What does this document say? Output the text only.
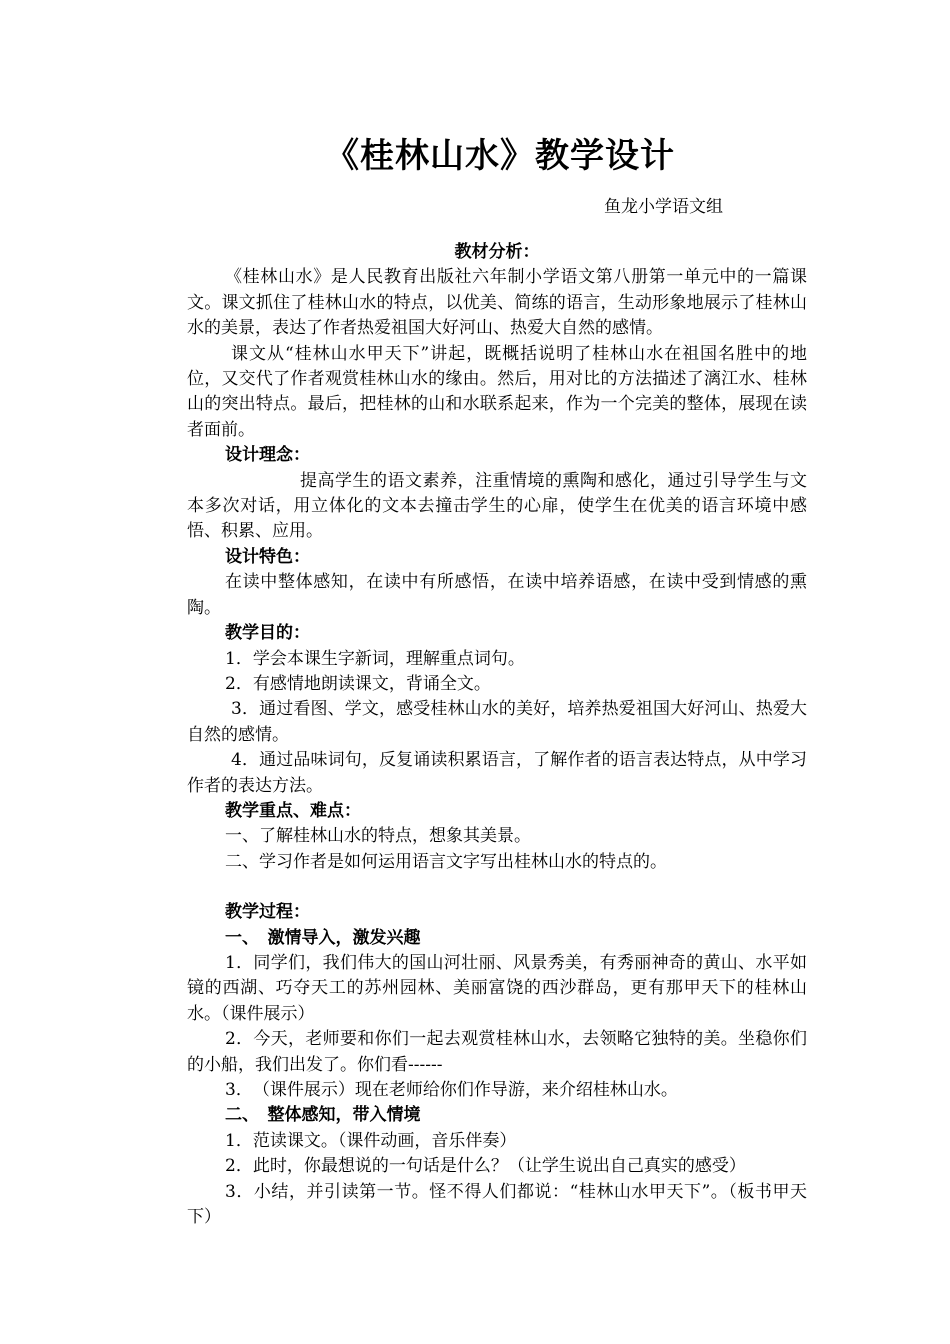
《桂林山水》教学设计

鱼龙小学语文组

教材分析：

《桂林山水》是人民教育出版社六年制小学语文第八册第一单元中的一篇课文。课文抓住了桂林山水的特点，以优美、简练的语言，生动形象地展示了桂林山水的美景，表达了作者热爱祖国大好河山、热爱大自然的感情。

课文从“桂林山水甲天下”讲起，既概括说明了桂林山水在祖国名胜中的地位，又交代了作者观赏桂林山水的缘由。然后，用对比的方法描述了漓江水、桂林山的突出特点。最后，把桂林的山和水联系起来，作为一个完美的整体，展现在读者面前。

设计理念：

提高学生的语文素养，注重情境的熏陶和感化，通过引导学生与文本多次对话，用立体化的文本去撞击学生的心扉，使学生在优美的语言环境中感悟、积累、应用。

设计特色：

在读中整体感知，在读中有所感悟，在读中培养语感，在读中受到情感的熏陶。

教学目的：

1．学会本课生字新词，理解重点词句。

2．有感情地朗读课文，背诵全文。

3．通过看图、学文，感受桂林山水的美好，培养热爱祖国大好河山、热爱大自然的感情。

4．通过品味词句，反复诵读积累语言，了解作者的语言表达特点，从中学习作者的表达方法。

教学重点、难点：

一、了解桂林山水的特点，想象其美景。

二、学习作者是如何运用语言文字写出桂林山水的特点的。

教学过程：

一、　激情导入，激发兴趣

1．同学们，我们伟大的国山河壮丽、风景秀美，有秀丽神奇的黄山、水平如镜的西湖、巧夺天工的苏州园林、美丽富饶的西沙群岛，更有那甲天下的桂林山水。（课件展示）

2．今天，老师要和你们一起去观赏桂林山水，去领略它独特的美。坐稳你们的小船，我们出发了。你们看------

3．　（课件展示）现在老师给你们作导游，来介绍桂林山水。

二、　整体感知，带入情境

1．范读课文。（课件动画，音乐伴奏）

2．此时，你最想说的一句话是什么？（让学生说出自己真实的感受）

3．小结，并引读第一节。怪不得人们都说：“桂林山水甲天下”。（板书甲天下）
